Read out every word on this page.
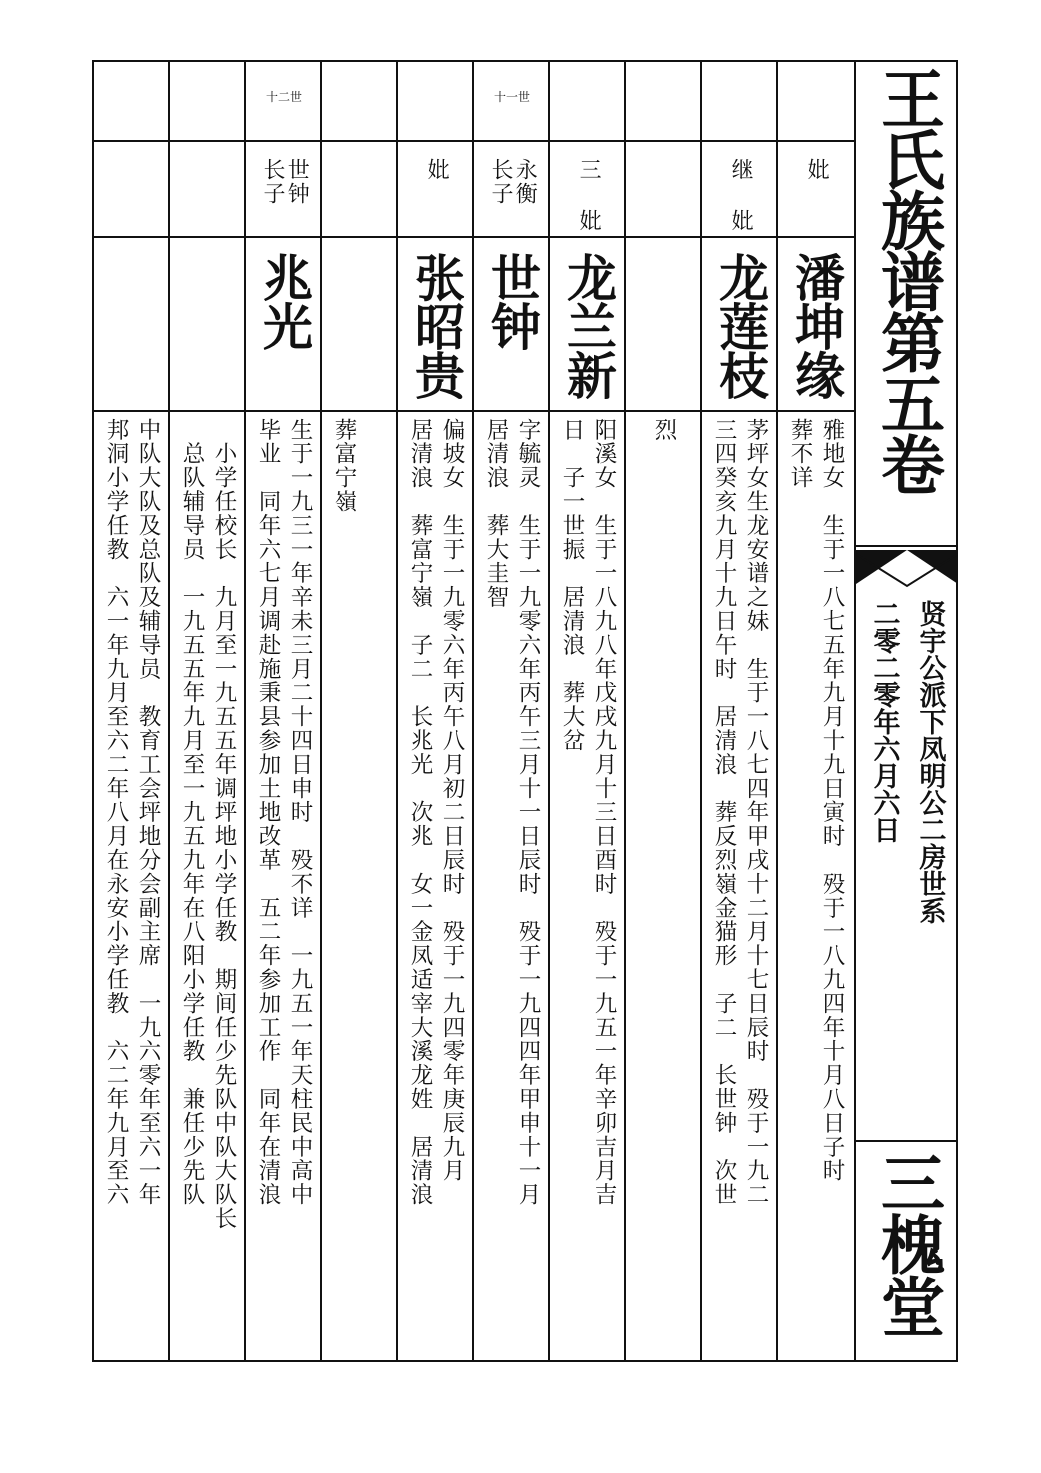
妣
潘坤缘
雅地女　生于一八七五年九月十九日寅时　殁于一八九四年十月八日子时
葬不详
继 妣
龙莲枝
茅坪女生龙安谱之妹　生于一八七四年甲戌十二月十七日辰时　殁于一九二
三四癸亥九月十九日午时　居清浪　葬反烈嶺金猫形　子二　长世钟　次世
烈
三 妣
龙兰新
阳溪女　生于一八九八年戊戌九月十三日酉时　殁于一九五一年辛卯吉月吉
日　子一世振　居清浪　葬大岔
十一世
永衡 长子
世钟
字毓灵　生于一九零六年丙午三月十一日辰时　殁于一九四四年甲申十一月
居清浪　葬大圭智
妣
张昭贵
偏坡女　生于一九零六年丙午八月初二日辰时　殁于一九四零年庚辰九月
居清浪　葬富宁嶺　子二　长兆光　次兆　女一金凤适宰大溪龙姓　居清浪

葬富宁嶺
十二世
世钟 长子
兆光
生于一九三一年辛未三月二十四日申时　殁不详　一九五一年天柱民中高中
毕业　同年六七月调赴施秉县参加土地改革　五二年参加工作　同年在清浪
　小学任校长　九月至一九五五年调坪地小学任教　期间任少先队中队大队长
　总队辅导员　一九五五年九月至一九五九年在八阳小学任教　兼任少先队
中队大队及总队及辅导员　教育工会坪地分会副主席　一九六零年至六一年
邦洞小学任教　六一年九月至六二年八月在永安小学任教　六二年九月至六
王氏族谱第五卷
贤宇公派下凤明公二房世系
二零二零年六月六日
三槐堂
